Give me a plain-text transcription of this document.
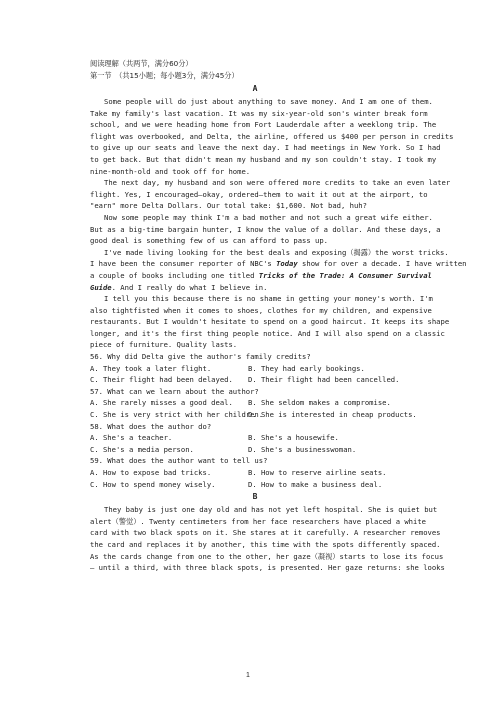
阅读理解（共两节，满分60分）
第一节　（共15小题；每小题3分，满分45分）
A
Some people will do just about anything to save money. And I am one of them.
Take my family's last vacation. It was my six-year-old son's winter break form
school, and we were heading home from Fort Lauderdale after a weeklong trip. The
flight was overbooked, and Delta, the airline, offered us $400 per person in credits
to give up our seats and leave the next day. I had meetings in New York. So I had
to get back. But that didn't mean my husband and my son couldn't stay. I took my
nine-month-old and took off for home.
The next day, my husband and son were offered more credits to take an even later
flight. Yes, I encouraged—okay, ordered—them to wait it out at the airport, to
"earn" more Delta Dollars. Our total take: $1,600. Not bad, huh?
Now some people may think I'm a bad mother and not such a great wife either.
But as a big-time bargain hunter, I know the value of a dollar. And these days, a
good deal is something few of us can afford to pass up.
I've made living looking for the best deals and exposing（揭露）the worst tricks.
I have been the consumer reporter of NBC's Today show for over a decade. I have written
a couple of books including one titled Tricks of the Trade: A Consumer Survival
Guide. And I really do what I believe in.
I tell you this because there is no shame in getting your money's worth. I'm
also tightfisted when it comes to shoes, clothes for my children, and expensive
restaurants. But I wouldn't hesitate to spend on a good haircut. It keeps its shape
longer, and it's the first thing people notice. And I will also spend on a classic
piece of furniture. Quality lasts.
56. Why did Delta give the author's family credits?
A. They took a later flight.	B. They had early bookings.
C. Their flight had been delayed.	D. Their flight had been cancelled.
57. What can we learn about the author?
A. She rarely misses a good deal.	B. She seldom makes a compromise.
C. She is very strict with her children.
D. She is interested in cheap products.
58. What does the author do?
A. She's a teacher.	B. She's a housewife.
C. She's a media person.	D. She's a businesswoman.
59. What does the author want to tell us?
A. How to expose bad tricks.	B. How to reserve airline seats.
C. How to spend money wisely.	D. How to make a business deal.
B
They baby is just one day old and has not yet left hospital. She is quiet but
alert（警觉）. Twenty centimeters from her face researchers have placed a white
card with two black spots on it. She stares at it carefully. A researcher removes
the card and replaces it by another, this time with the spots differently spaced.
As the cards change from one to the other, her gaze（凝视）starts to lose its focus
— until a third, with three black spots, is presented. Her gaze returns: she looks
1
